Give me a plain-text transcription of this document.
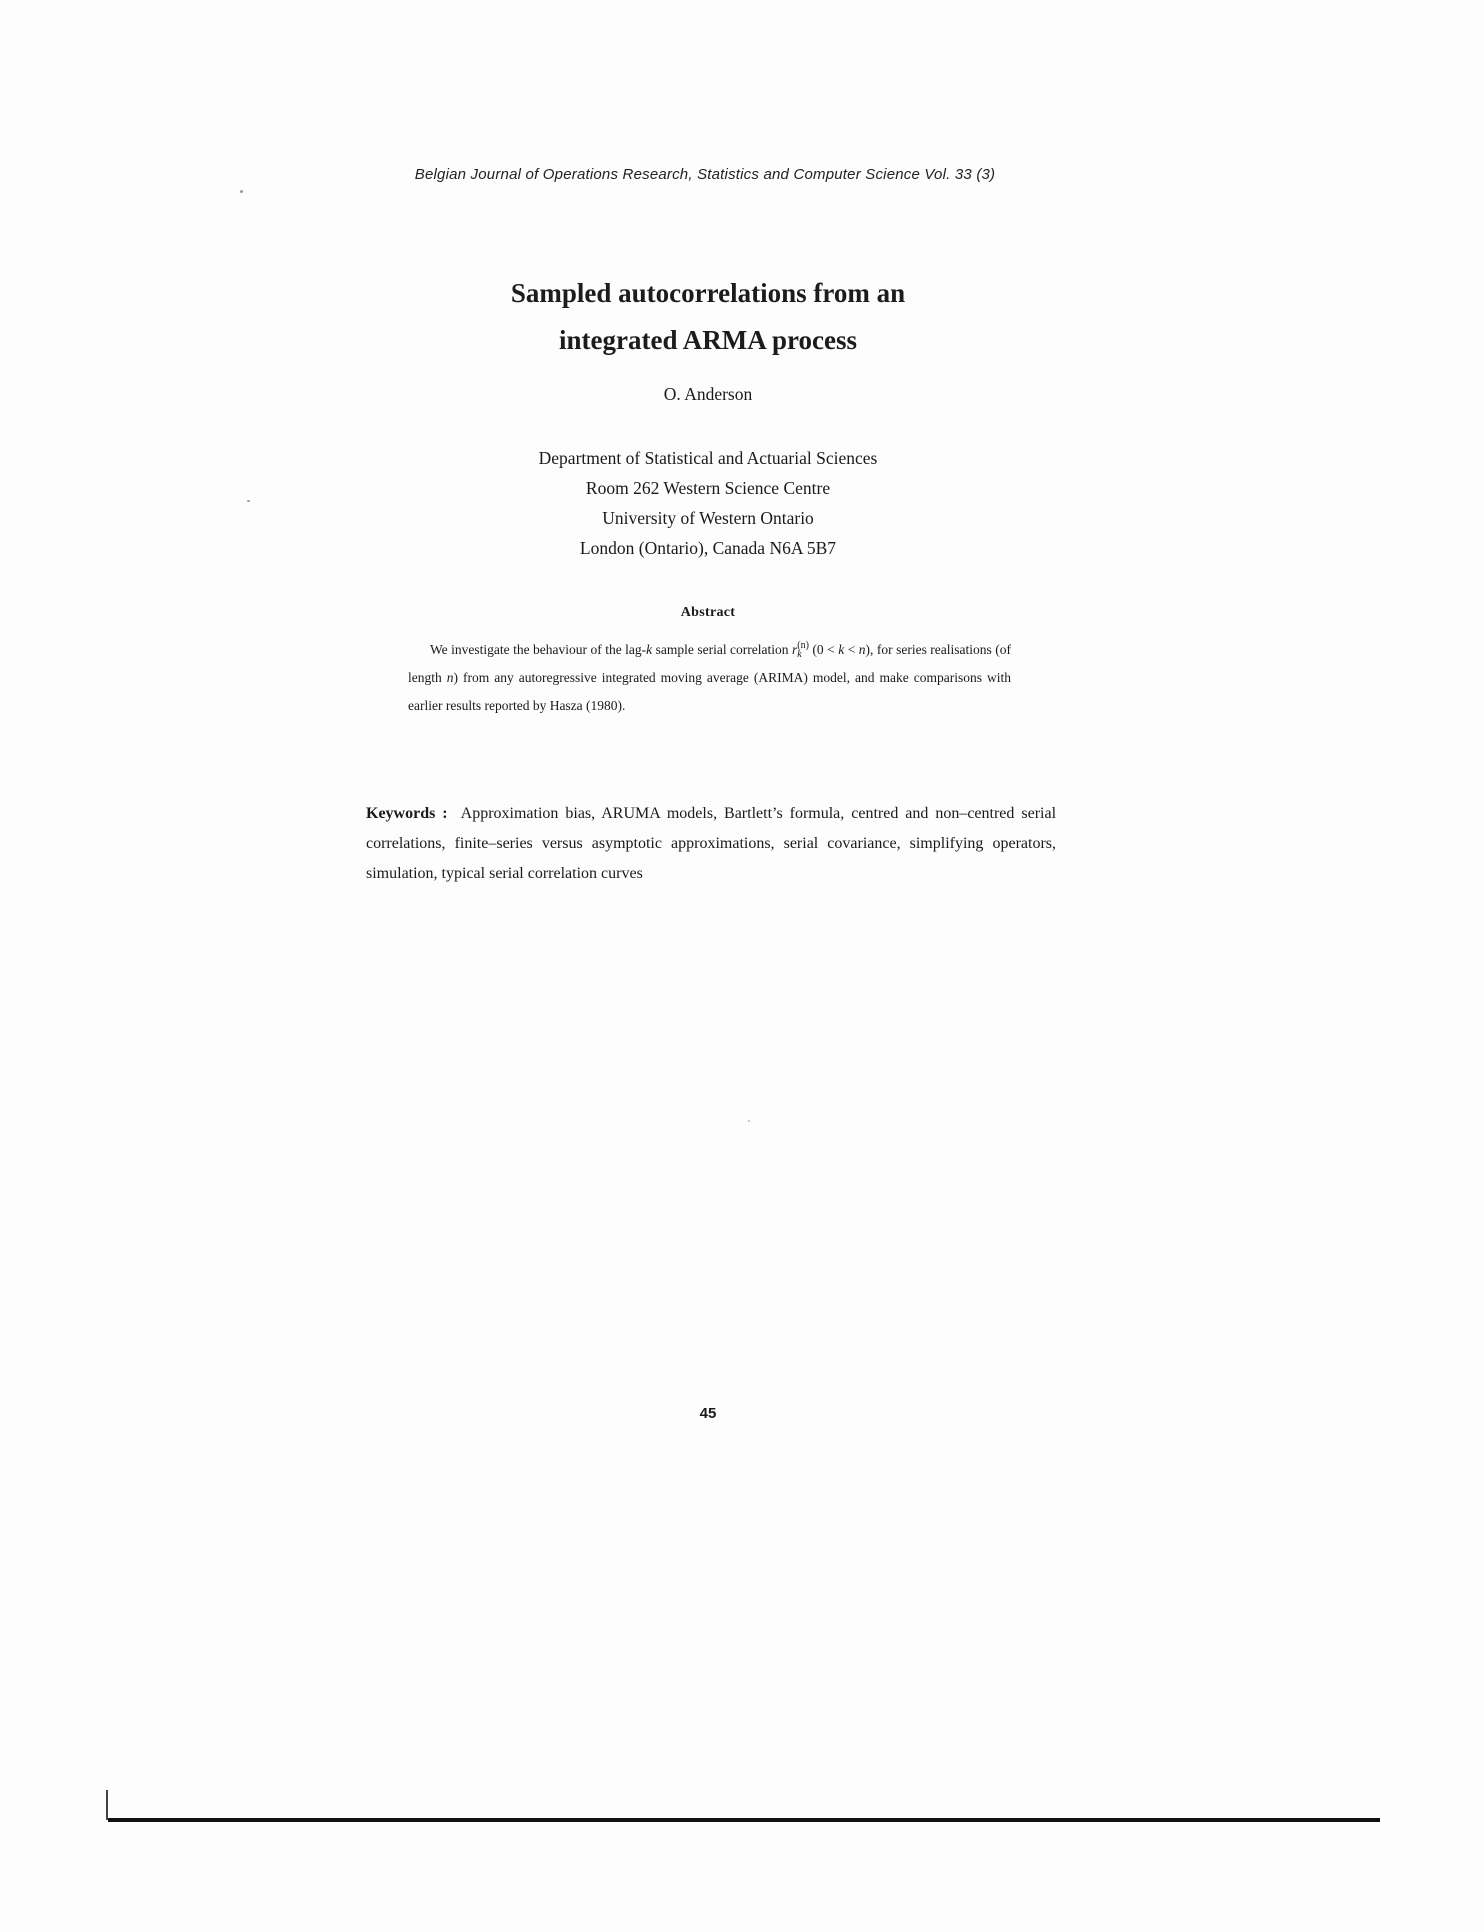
Belgian Journal of Operations Research, Statistics and Computer Science Vol. 33 (3)
Sampled autocorrelations from an
integrated ARMA process
O. Anderson
Department of Statistical and Actuarial Sciences
Room 262 Western Science Centre
University of Western Ontario
London (Ontario), Canada N6A 5B7
Abstract
We investigate the behaviour of the lag-k sample serial correlation r (n)
k (0 < k < n), for series realisations (of length n) from any autoregressive integrated moving average (ARIMA) model, and make comparisons with earlier results reported by Hasza (1980).
Keywords : Approximation bias, ARUMA models, Bartlett’s formula, centred and non–centred serial correlations, finite–series versus asymptotic approximations, serial covariance, simplifying operators, simulation, typical serial correlation curves
45
